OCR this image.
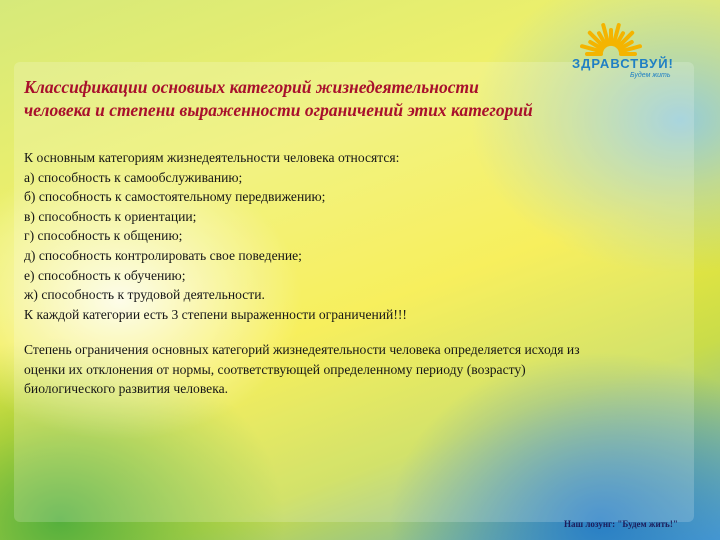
ЗДРАВСТВУЙ!
Будем жить
Классификации основиых категорий жизнедеятельности
человека и степени выраженности ограничений этих категорий
К основным категориям жизнедеятельности человека относятся:
а) способность к самообслуживанию;
б) способность к самостоятельному передвижению;
в) способность к ориентации;
г) способность к общению;
д) способность контролировать свое поведение;
е) способность к обучению;
ж) способность к трудовой деятельности.
К каждой категории есть 3 степени выраженности ограничений!!!
Степень ограничения основных категорий жизнедеятельности человека определяется исходя из
оценки их отклонения от нормы, соответствующей определенному периоду (возрасту)
биологического развития человека.
Наш лозунг: "Будем жить!"
